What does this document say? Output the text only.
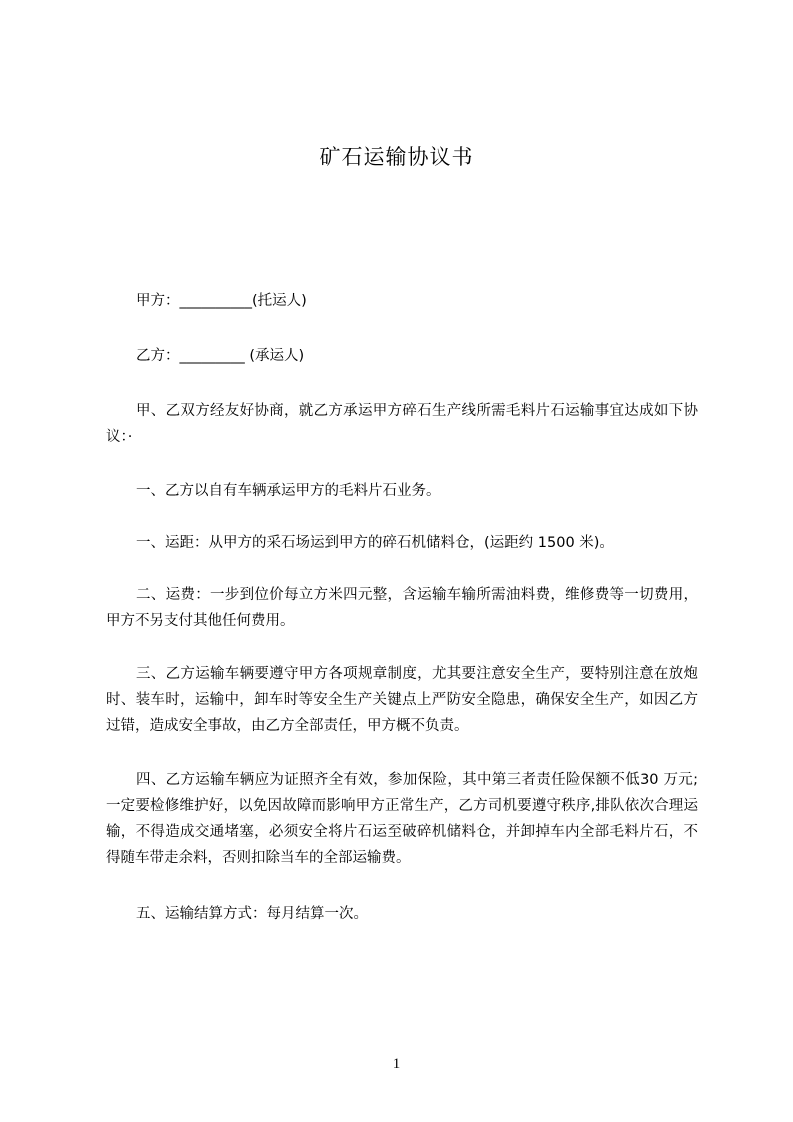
矿石运输协议书

甲方：__________(托运人)

乙方：_________ (承运人)

甲、乙双方经友好协商，就乙方承运甲方碎石生产线所需毛料片石运输事宜达成如下协议：·

一、乙方以自有车辆承运甲方的毛料片石业务。

一、运距：从甲方的采石场运到甲方的碎石机储料仓，(运距约 1500 米)。

二、运费：一步到位价每立方米四元整，含运输车输所需油料费，维修费等一切费用，甲方不另支付其他任何费用。

三、乙方运输车辆要遵守甲方各项规章制度，尤其要注意安全生产，要特别注意在放炮时、装车时，运输中，卸车时等安全生产关键点上严防安全隐患，确保安全生产，如因乙方过错，造成安全事故，由乙方全部责任，甲方概不负责。

四、乙方运输车辆应为证照齐全有效，参加保险，其中第三者责任险保额不低30 万元;一定要检修维护好，以免因故障而影响甲方正常生产，乙方司机要遵守秩序,排队依次合理运输，不得造成交通堵塞，必须安全将片石运至破碎机储料仓，并卸掉车内全部毛料片石，不得随车带走余料，否则扣除当车的全部运输费。

五、运输结算方式：每月结算一次。

1
